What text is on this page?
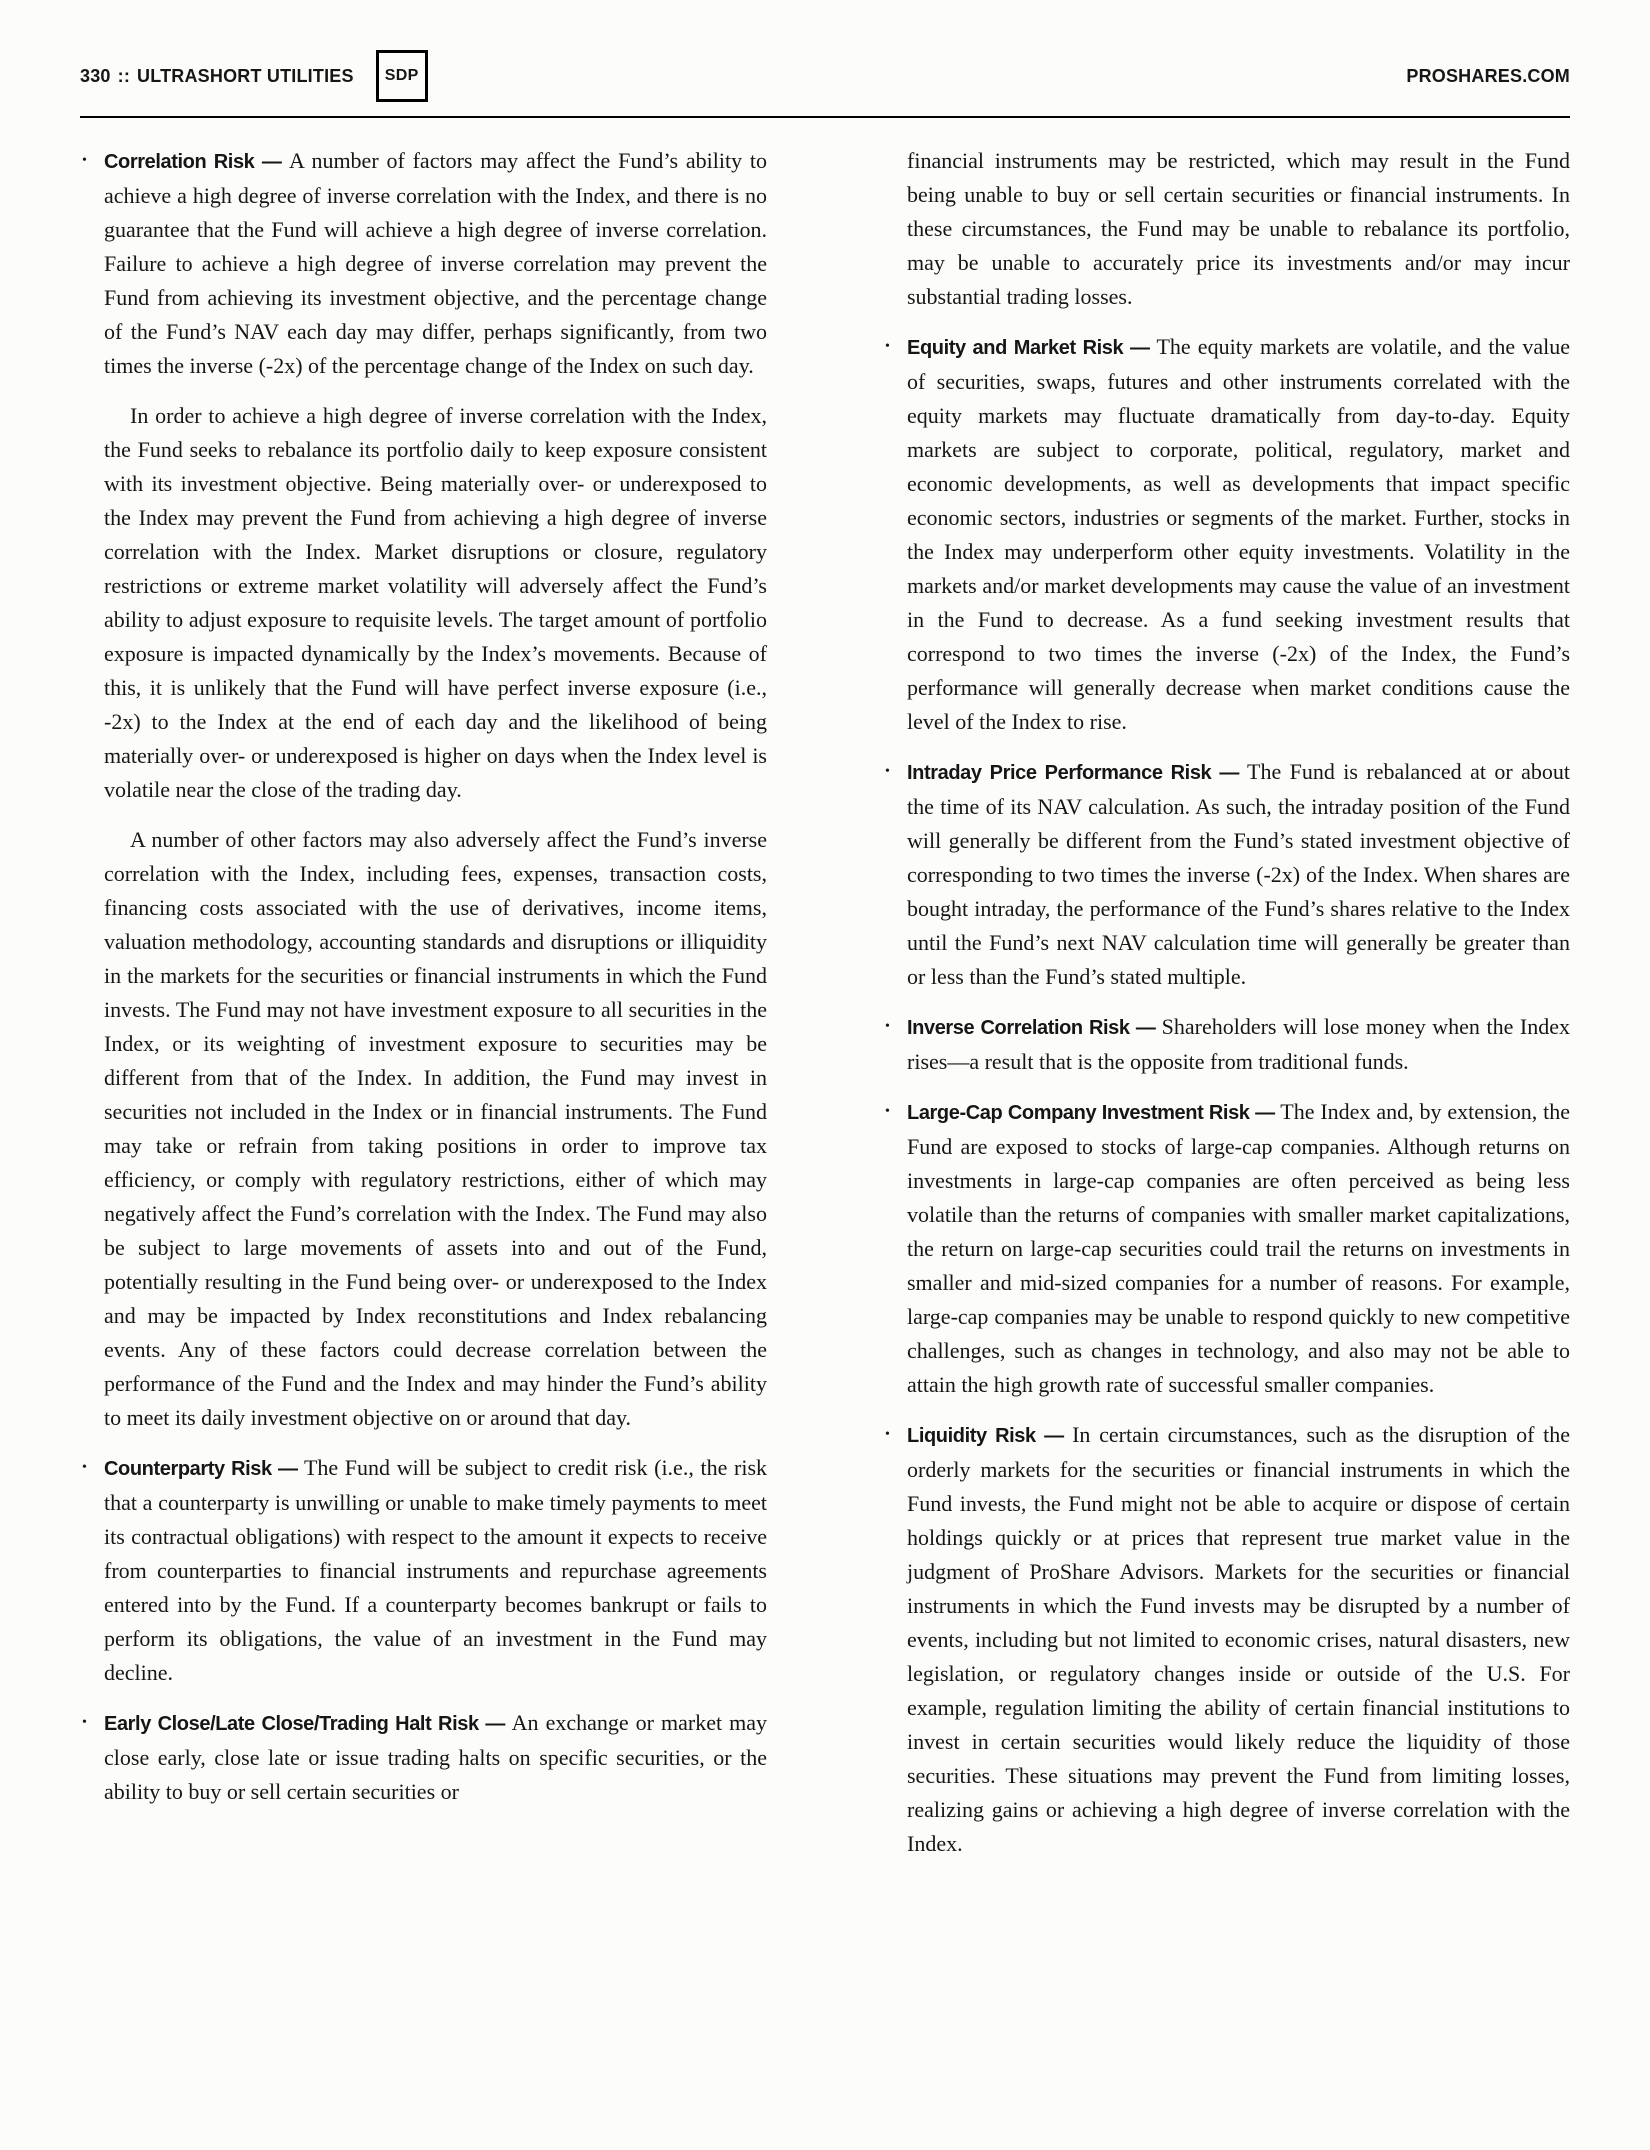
330 :: ULTRASHORT UTILITIES SDP	PROSHARES.COM
• Correlation Risk — A number of factors may affect the Fund’s ability to achieve a high degree of inverse correlation with the Index, and there is no guarantee that the Fund will achieve a high degree of inverse correlation. Failure to achieve a high degree of inverse correlation may prevent the Fund from achieving its investment objective, and the percentage change of the Fund’s NAV each day may differ, perhaps significantly, from two times the inverse (-2x) of the percentage change of the Index on such day.
In order to achieve a high degree of inverse correlation with the Index, the Fund seeks to rebalance its portfolio daily to keep exposure consistent with its investment objective. Being materially over- or underexposed to the Index may prevent the Fund from achieving a high degree of inverse correlation with the Index. Market disruptions or closure, regulatory restrictions or extreme market volatility will adversely affect the Fund’s ability to adjust exposure to requisite levels. The target amount of portfolio exposure is impacted dynamically by the Index’s movements. Because of this, it is unlikely that the Fund will have perfect inverse exposure (i.e., -2x) to the Index at the end of each day and the likelihood of being materially over- or underexposed is higher on days when the Index level is volatile near the close of the trading day.
A number of other factors may also adversely affect the Fund’s inverse correlation with the Index, including fees, expenses, transaction costs, financing costs associated with the use of derivatives, income items, valuation methodology, accounting standards and disruptions or illiquidity in the markets for the securities or financial instruments in which the Fund invests. The Fund may not have investment exposure to all securities in the Index, or its weighting of investment exposure to securities may be different from that of the Index. In addition, the Fund may invest in securities not included in the Index or in financial instruments. The Fund may take or refrain from taking positions in order to improve tax efficiency, or comply with regulatory restrictions, either of which may negatively affect the Fund’s correlation with the Index. The Fund may also be subject to large movements of assets into and out of the Fund, potentially resulting in the Fund being over- or underexposed to the Index and may be impacted by Index reconstitutions and Index rebalancing events. Any of these factors could decrease correlation between the performance of the Fund and the Index and may hinder the Fund’s ability to meet its daily investment objective on or around that day.
• Counterparty Risk — The Fund will be subject to credit risk (i.e., the risk that a counterparty is unwilling or unable to make timely payments to meet its contractual obligations) with respect to the amount it expects to receive from counterparties to financial instruments and repurchase agreements entered into by the Fund. If a counterparty becomes bankrupt or fails to perform its obligations, the value of an investment in the Fund may decline.
• Early Close/Late Close/Trading Halt Risk — An exchange or market may close early, close late or issue trading halts on specific securities, or the ability to buy or sell certain securities or
financial instruments may be restricted, which may result in the Fund being unable to buy or sell certain securities or financial instruments. In these circumstances, the Fund may be unable to rebalance its portfolio, may be unable to accurately price its investments and/or may incur substantial trading losses.
• Equity and Market Risk — The equity markets are volatile, and the value of securities, swaps, futures and other instruments correlated with the equity markets may fluctuate dramatically from day-to-day. Equity markets are subject to corporate, political, regulatory, market and economic developments, as well as developments that impact specific economic sectors, industries or segments of the market. Further, stocks in the Index may underperform other equity investments. Volatility in the markets and/or market developments may cause the value of an investment in the Fund to decrease. As a fund seeking investment results that correspond to two times the inverse (-2x) of the Index, the Fund’s performance will generally decrease when market conditions cause the level of the Index to rise.
• Intraday Price Performance Risk — The Fund is rebalanced at or about the time of its NAV calculation. As such, the intraday position of the Fund will generally be different from the Fund’s stated investment objective of corresponding to two times the inverse (-2x) of the Index. When shares are bought intraday, the performance of the Fund’s shares relative to the Index until the Fund’s next NAV calculation time will generally be greater than or less than the Fund’s stated multiple.
• Inverse Correlation Risk — Shareholders will lose money when the Index rises—a result that is the opposite from traditional funds.
• Large-Cap Company Investment Risk — The Index and, by extension, the Fund are exposed to stocks of large-cap companies. Although returns on investments in large-cap companies are often perceived as being less volatile than the returns of companies with smaller market capitalizations, the return on large-cap securities could trail the returns on investments in smaller and mid-sized companies for a number of reasons. For example, large-cap companies may be unable to respond quickly to new competitive challenges, such as changes in technology, and also may not be able to attain the high growth rate of successful smaller companies.
• Liquidity Risk — In certain circumstances, such as the disruption of the orderly markets for the securities or financial instruments in which the Fund invests, the Fund might not be able to acquire or dispose of certain holdings quickly or at prices that represent true market value in the judgment of ProShare Advisors. Markets for the securities or financial instruments in which the Fund invests may be disrupted by a number of events, including but not limited to economic crises, natural disasters, new legislation, or regulatory changes inside or outside of the U.S. For example, regulation limiting the ability of certain financial institutions to invest in certain securities would likely reduce the liquidity of those securities. These situations may prevent the Fund from limiting losses, realizing gains or achieving a high degree of inverse correlation with the Index.
